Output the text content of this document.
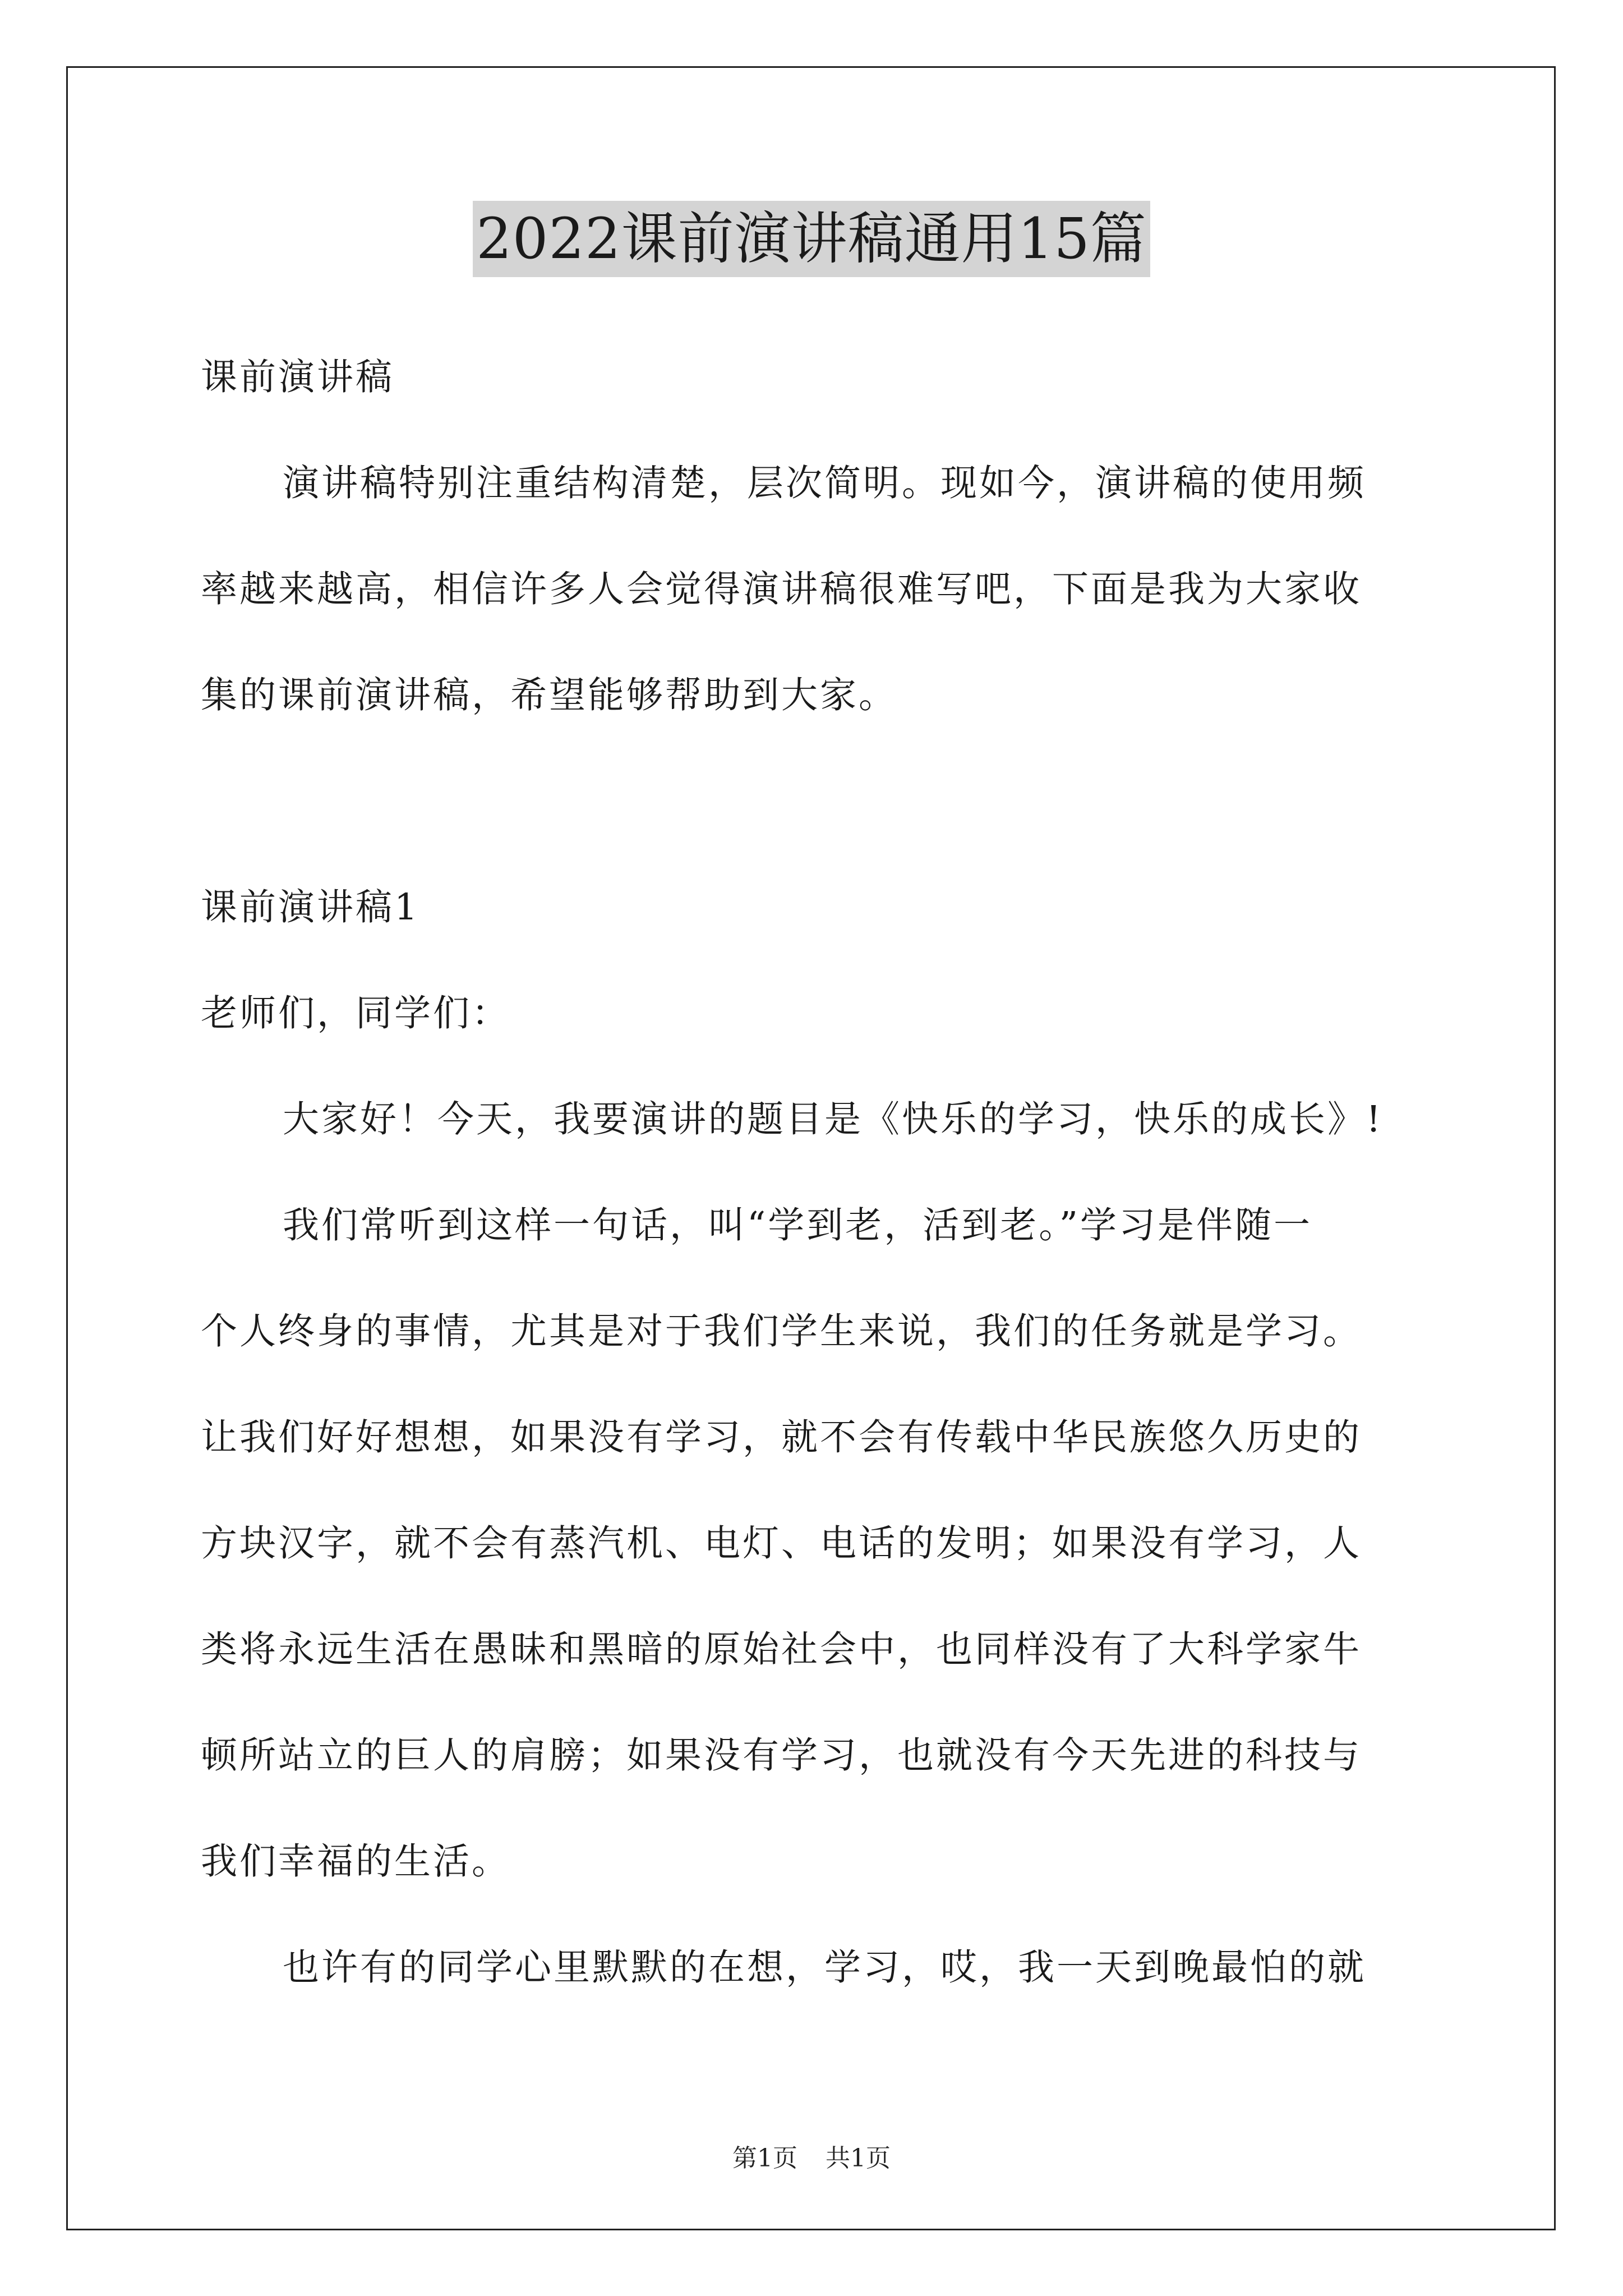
2022课前演讲稿通用15篇
课前演讲稿
演讲稿特别注重结构清楚，层次简明。现如今，演讲稿的使用频
率越来越高，相信许多人会觉得演讲稿很难写吧，下面是我为大家收
集的课前演讲稿，希望能够帮助到大家。
课前演讲稿1
老师们，同学们：
大家好！今天，我要演讲的题目是《快乐的学习，快乐的成长》!
我们常听到这样一句话，叫“学到老，活到老。”学习是伴随一
个人终身的事情，尤其是对于我们学生来说，我们的任务就是学习。
让我们好好想想，如果没有学习，就不会有传载中华民族悠久历史的
方块汉字，就不会有蒸汽机、电灯、电话的发明；如果没有学习，人
类将永远生活在愚昧和黑暗的原始社会中，也同样没有了大科学家牛
顿所站立的巨人的肩膀；如果没有学习，也就没有今天先进的科技与
我们幸福的生活。
也许有的同学心里默默的在想，学习，哎，我一天到晚最怕的就
第1页 共1页
